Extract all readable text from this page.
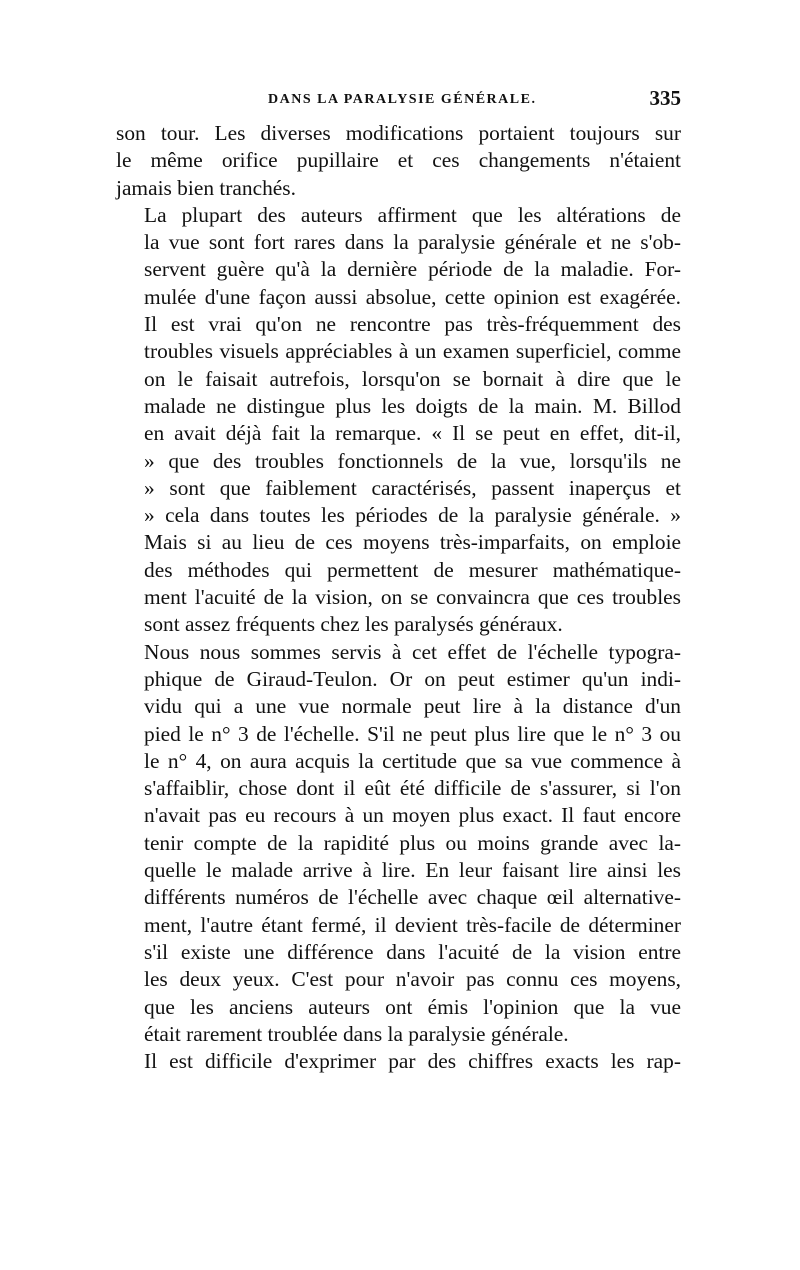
DANS LA PARALYSIE GÉNÉRALE.	335

son tour. Les diverses modifications portaient toujours sur
le même orifice pupillaire et ces changements n'étaient
jamais bien tranchés.

La plupart des auteurs affirment que les altérations de
la vue sont fort rares dans la paralysie générale et ne s'ob-
servent guère qu'à la dernière période de la maladie. For-
mulée d'une façon aussi absolue, cette opinion est exagérée.
Il est vrai qu'on ne rencontre pas très-fréquemment des
troubles visuels appréciables à un examen superficiel, comme
on le faisait autrefois, lorsqu'on se bornait à dire que le
malade ne distingue plus les doigts de la main. M. Billod
en avait déjà fait la remarque. « Il se peut en effet, dit-il,
» que des troubles fonctionnels de la vue, lorsqu'ils ne
» sont que faiblement caractérisés, passent inaperçus et
» cela dans toutes les périodes de la paralysie générale. »
Mais si au lieu de ces moyens très-imparfaits, on emploie
des méthodes qui permettent de mesurer mathématique-
ment l'acuité de la vision, on se convaincra que ces troubles
sont assez fréquents chez les paralysés généraux.

Nous nous sommes servis à cet effet de l'échelle typogra-
phique de Giraud-Teulon. Or on peut estimer qu'un indi-
vidu qui a une vue normale peut lire à la distance d'un
pied le n° 3 de l'échelle. S'il ne peut plus lire que le n° 3 ou
le n° 4, on aura acquis la certitude que sa vue commence à
s'affaiblir, chose dont il eût été difficile de s'assurer, si l'on
n'avait pas eu recours à un moyen plus exact. Il faut encore
tenir compte de la rapidité plus ou moins grande avec la-
quelle le malade arrive à lire. En leur faisant lire ainsi les
différents numéros de l'échelle avec chaque œil alternative-
ment, l'autre étant fermé, il devient très-facile de déterminer
s'il existe une différence dans l'acuité de la vision entre
les deux yeux. C'est pour n'avoir pas connu ces moyens,
que les anciens auteurs ont émis l'opinion que la vue
était rarement troublée dans la paralysie générale.

Il est difficile d'exprimer par des chiffres exacts les rap-
